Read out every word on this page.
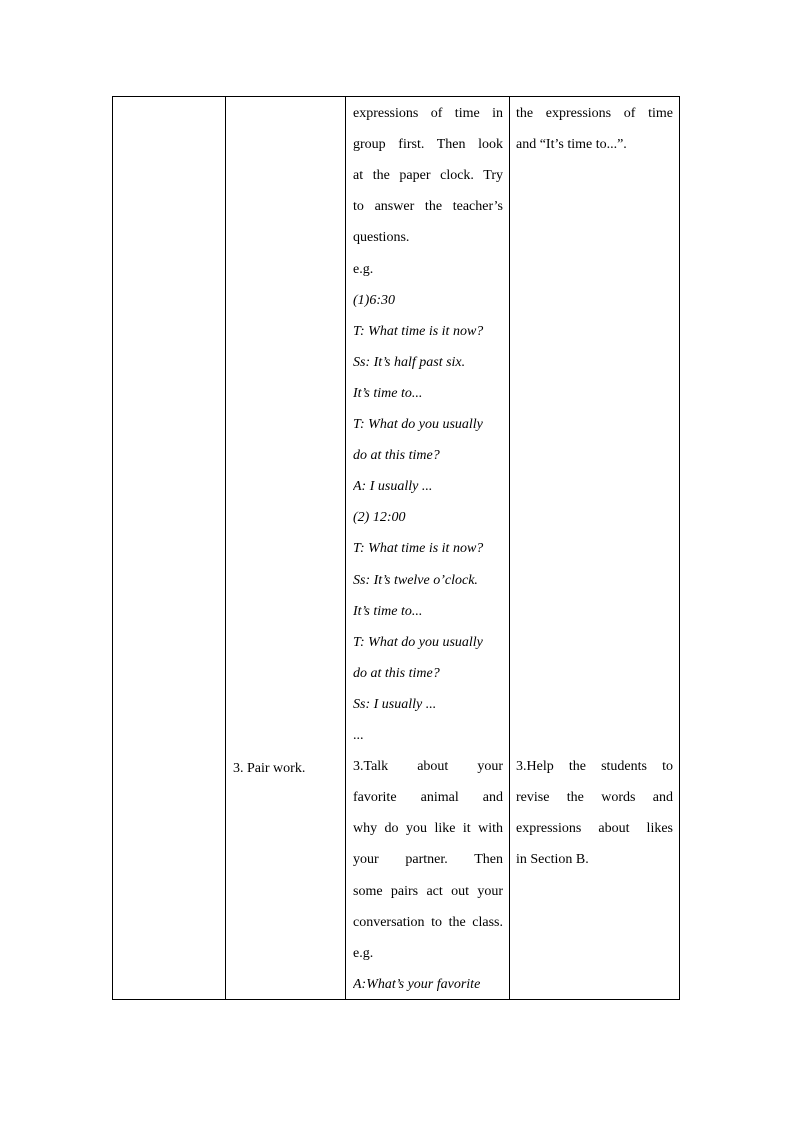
3. Pair work.
expressions of time in
group first. Then look
at the paper clock. Try
to answer the teacher’s
questions.
e.g.
(1)6:30
T: What time is it now?
Ss: It’s half past six.
It’s time to...
T: What do you usually
do at this time?
A: I usually ...
(2) 12:00
T: What time is it now?
Ss: It’s twelve o’clock.
It’s time to...
T: What do you usually
do at this time?
Ss: I usually ...
...
3.Talk about your
favorite animal and
why do you like it with
your partner. Then
some pairs act out your
conversation to the class.
e.g.
A:What’s your favorite
the expressions of time
and “It’s time to...”.
3.Help the students to
revise the words and
expressions about likes
in Section B.
